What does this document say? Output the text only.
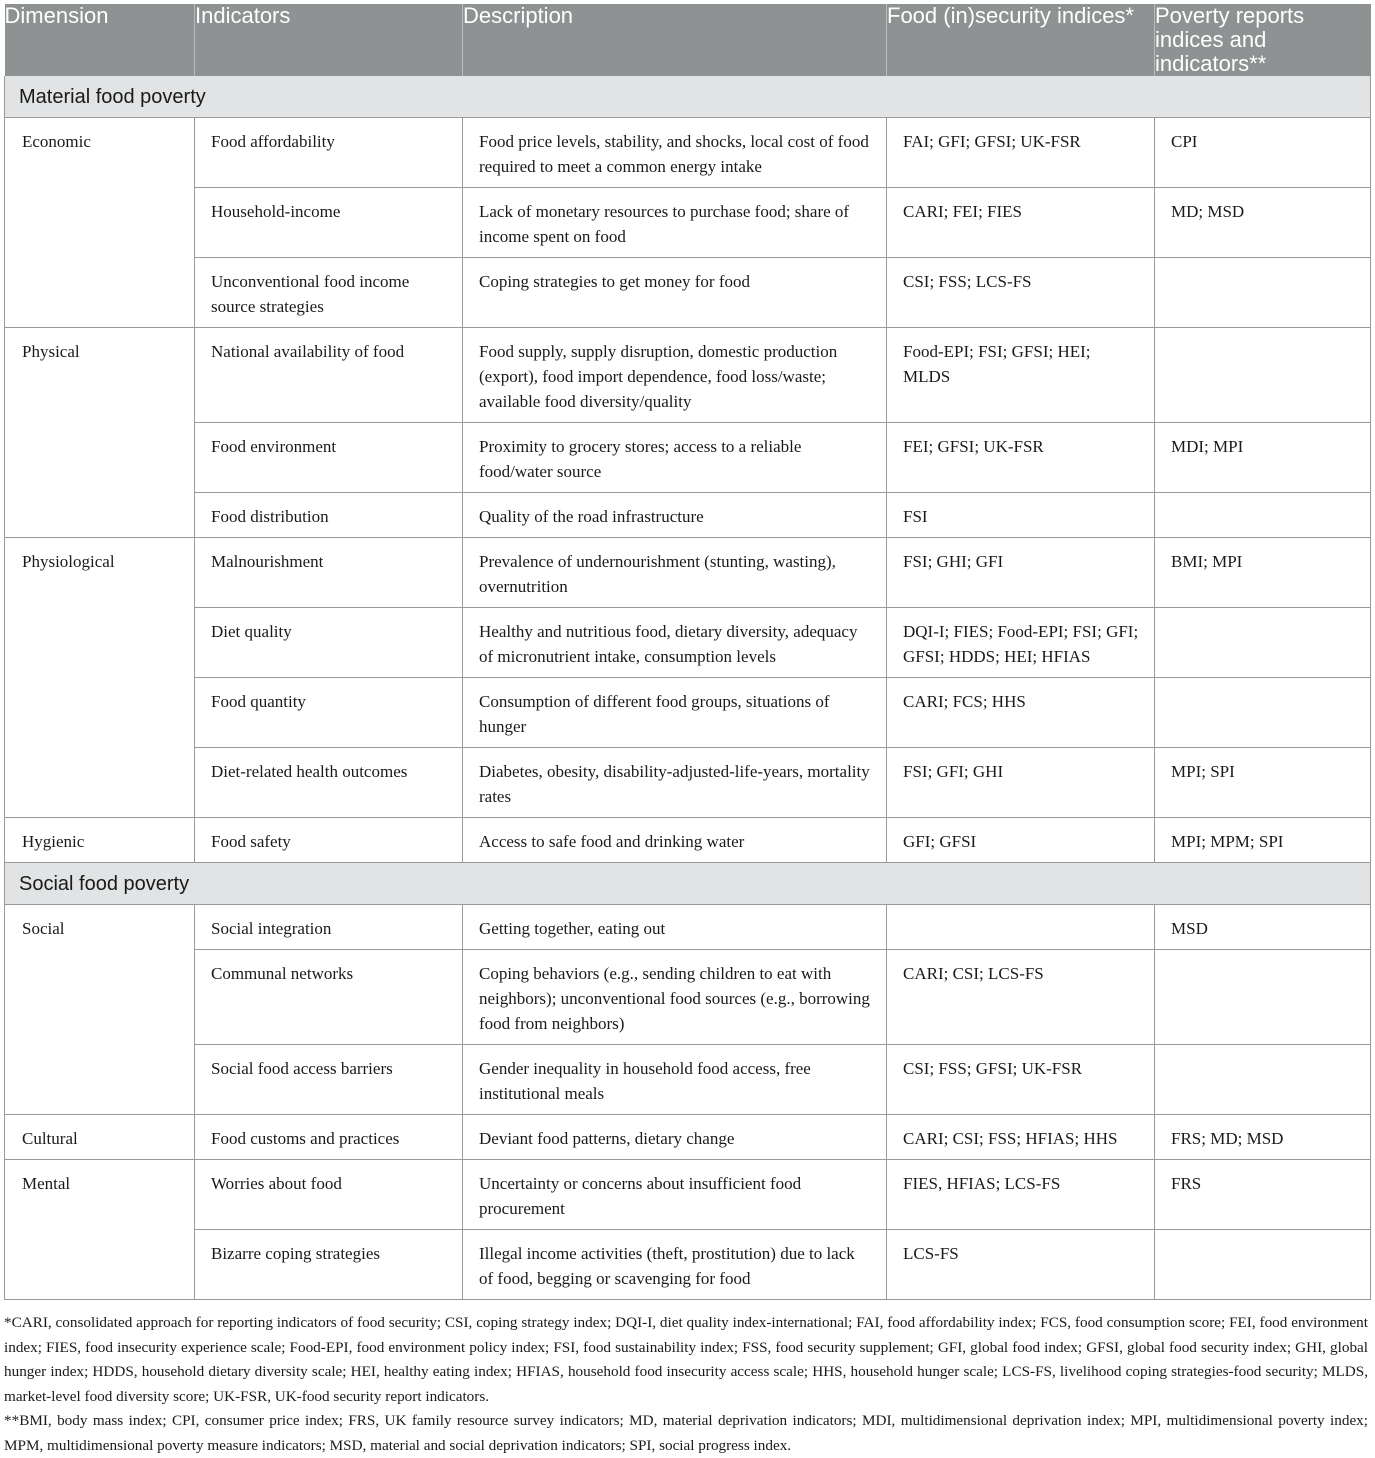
Dimension	Indicators	Description	Food (in)security indices*	Poverty reports indices and indicators**
Material food poverty				
Economic	Food affordability	Food price levels, stability, and shocks, local cost of food required to meet a common energy intake	FAI; GFI; GFSI; UK-FSR	CPI
	Household-income	Lack of monetary resources to purchase food; share of income spent on food	CARI; FEI; FIES	MD; MSD
	Unconventional food income source strategies	Coping strategies to get money for food	CSI; FSS; LCS-FS	
Physical	National availability of food	Food supply, supply disruption, domestic production (export), food import dependence, food loss/waste; available food diversity/quality	Food-EPI; FSI; GFSI; HEI; MLDS	
	Food environment	Proximity to grocery stores; access to a reliable food/water source	FEI; GFSI; UK-FSR	MDI; MPI
	Food distribution	Quality of the road infrastructure	FSI	
Physiological	Malnourishment	Prevalence of undernourishment (stunting, wasting), overnutrition	FSI; GHI; GFI	BMI; MPI
	Diet quality	Healthy and nutritious food, dietary diversity, adequacy of micronutrient intake, consumption levels	DQI-I; FIES; Food-EPI; FSI; GFI; GFSI; HDDS; HEI; HFIAS	
	Food quantity	Consumption of different food groups, situations of hunger	CARI; FCS; HHS	
	Diet-related health outcomes	Diabetes, obesity, disability-adjusted-life-years, mortality rates	FSI; GFI; GHI	MPI; SPI
Hygienic	Food safety	Access to safe food and drinking water	GFI; GFSI	MPI; MPM; SPI
Social food poverty				
Social	Social integration	Getting together, eating out		MSD
	Communal networks	Coping behaviors (e.g., sending children to eat with neighbors); unconventional food sources (e.g., borrowing food from neighbors)	CARI; CSI; LCS-FS	
	Social food access barriers	Gender inequality in household food access, free institutional meals	CSI; FSS; GFSI; UK-FSR	
Cultural	Food customs and practices	Deviant food patterns, dietary change	CARI; CSI; FSS; HFIAS; HHS	FRS; MD; MSD
Mental	Worries about food	Uncertainty or concerns about insufficient food procurement	FIES, HFIAS; LCS-FS	FRS
	Bizarre coping strategies	Illegal income activities (theft, prostitution) due to lack of food, begging or scavenging for food	LCS-FS	

*CARI, consolidated approach for reporting indicators of food security; CSI, coping strategy index; DQI-I, diet quality index-international; FAI, food affordability index; FCS, food consumption score; FEI, food environment index; FIES, food insecurity experience scale; Food-EPI, food environment policy index; FSI, food sustainability index; FSS, food security supplement; GFI, global food index; GFSI, global food security index; GHI, global hunger index; HDDS, household dietary diversity scale; HEI, healthy eating index; HFIAS, household food insecurity access scale; HHS, household hunger scale; LCS-FS, livelihood coping strategies-food security; MLDS, market-level food diversity score; UK-FSR, UK-food security report indicators.

**BMI, body mass index; CPI, consumer price index; FRS, UK family resource survey indicators; MD, material deprivation indicators; MDI, multidimensional deprivation index; MPI, multidimensional poverty index; MPM, multidimensional poverty measure indicators; MSD, material and social deprivation indicators; SPI, social progress index.
